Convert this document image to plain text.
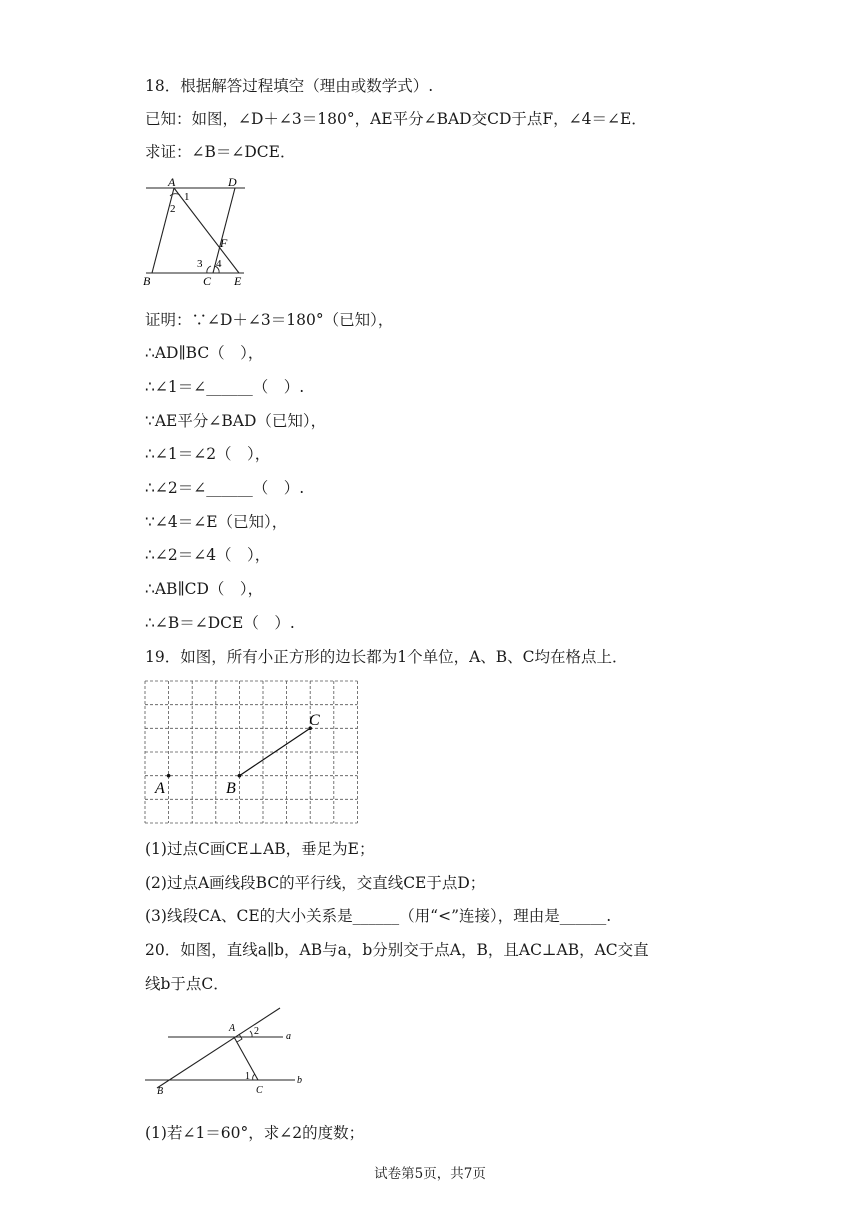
18．根据解答过程填空（理由或数学式）.
已知：如图，∠D＋∠3＝180°，AE平分∠BAD交CD于点F，∠4＝∠E．
求证：∠B＝∠DCE．
A	D
B	C E
F
1
2
3 4
证明：∵∠D＋∠3＝180°（已知），
∴AD∥BC（　），
∴∠1＝∠______（　）.
∵AE平分∠BAD（已知），
∴∠1＝∠2（　），
∴∠2＝∠______（　）.
∵∠4＝∠E（已知），
∴∠2＝∠4（　），
∴AB∥CD（　），
∴∠B＝∠DCE（　）.
19．如图，所有小正方形的边长都为1个单位，A、B、C均在格点上．
A	B
C
(1)过点C画CE⊥AB，垂足为E；
(2)过点A画线段BC的平行线，交直线CE于点D；
(3)线段CA、CE的大小关系是______（用“<”连接），理由是______.
20．如图，直线a∥b，AB与a，b分别交于点A，B，且AC⊥AB，AC交直
线b于点C．
A
B	C
a
b
1
2
(1)若∠1＝60°，求∠2的度数；
试卷第5页，共7页
